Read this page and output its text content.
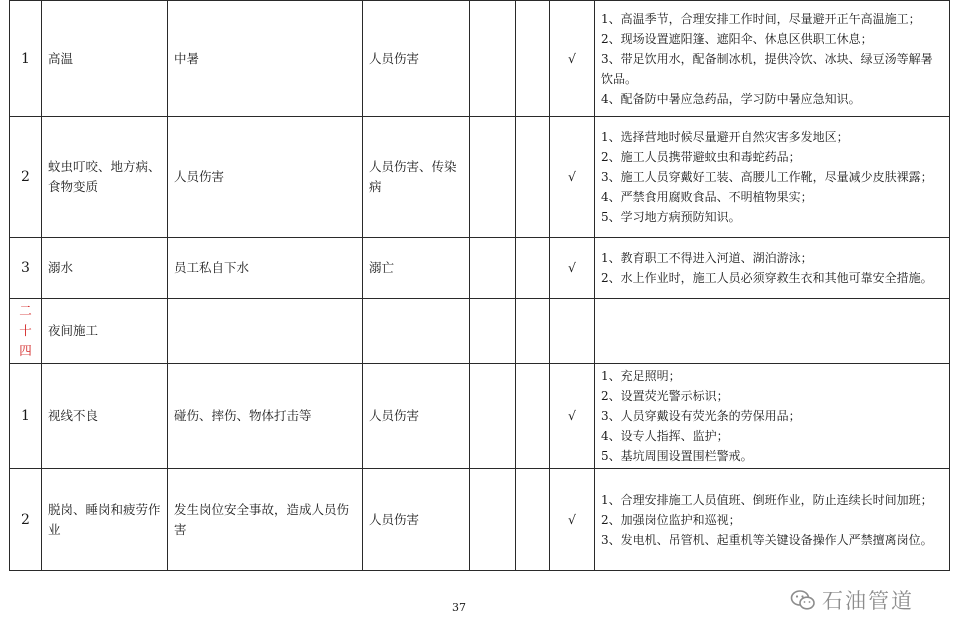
1	高温	中暑	人员伤害			√	1、高温季节，合理安排工作时间，尽量避开正午高温施工；
2、现场设置遮阳篷、遮阳伞、休息区供职工休息；
3、带足饮用水，配备制冰机，提供冷饮、冰块、绿豆汤等解暑饮品。
4、配备防中暑应急药品，学习防中暑应急知识。

2	蚊虫叮咬、地方病、食物变质	人员伤害	人员伤害、传染病			√	1、选择营地时候尽量避开自然灾害多发地区；
2、施工人员携带避蚊虫和毒蛇药品；
3、施工人员穿戴好工装、高腰儿工作靴，尽量减少皮肤裸露；
4、严禁食用腐败食品、不明植物果实；
5、学习地方病预防知识。

3	溺水	员工私自下水	溺亡			√	1、教育职工不得进入河道、湖泊游泳；
2、水上作业时，施工人员必须穿救生衣和其他可靠安全措施。

二
十
四	夜间施工						
1	视线不良	碰伤、摔伤、物体打击等	人员伤害			√	1、充足照明；
2、设置荧光警示标识；
3、人员穿戴设有荧光条的劳保用品；
4、设专人指挥、监护；
5、基坑周围设置围栏警戒。

2	脱岗、睡岗和疲劳作业	发生岗位安全事故，造成人员伤害	人员伤害			√	1、合理安排施工人员值班、倒班作业，防止连续长时间加班；
2、加强岗位监护和巡视；
3、发电机、吊管机、起重机等关键设备操作人严禁擅离岗位。
37	石油管道
